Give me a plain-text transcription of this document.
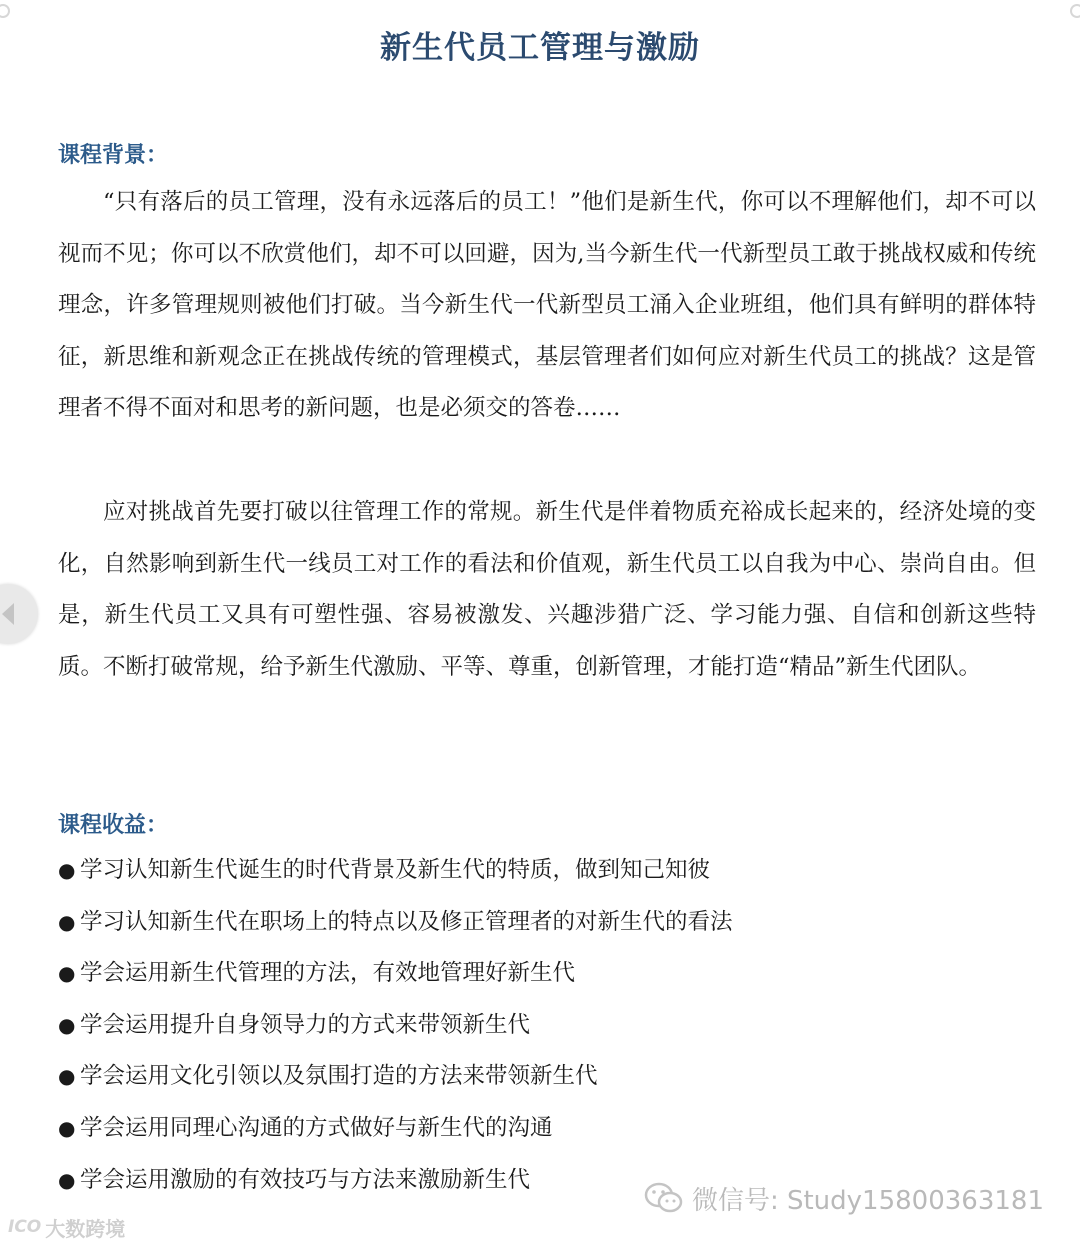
新生代员工管理与激励
课程背景：

“只有落后的员工管理，没有永远落后的员工！”他们是新生代，你可以不理解他们，却不可以视而不见；你可以不欣赏他们，却不可以回避，因为,当今新生代一代新型员工敢于挑战权威和传统理念，许多管理规则被他们打破。当今新生代一代新型员工涌入企业班组，他们具有鲜明的群体特征，新思维和新观念正在挑战传统的管理模式，基层管理者们如何应对新生代员工的挑战？这是管理者不得不面对和思考的新问题，也是必须交的答卷……

应对挑战首先要打破以往管理工作的常规。新生代是伴着物质充裕成长起来的，经济处境的变化，自然影响到新生代一线员工对工作的看法和价值观，新生代员工以自我为中心、崇尚自由。但是，新生代员工又具有可塑性强、容易被激发、兴趣涉猎广泛、学习能力强、自信和创新这些特质。不断打破常规，给予新生代激励、平等、尊重，创新管理，才能打造“精品”新生代团队。

课程收益：
● 学习认知新生代诞生的时代背景及新生代的特质，做到知己知彼
● 学习认知新生代在职场上的特点以及修正管理者的对新生代的看法
● 学会运用新生代管理的方法，有效地管理好新生代
● 学会运用提升自身领导力的方式来带领新生代
● 学会运用文化引领以及氛围打造的方法来带领新生代
● 学会运用同理心沟通的方式做好与新生代的沟通
● 学会运用激励的有效技巧与方法来激励新生代
微信号: Study15800363181
ICO 大数跨境
